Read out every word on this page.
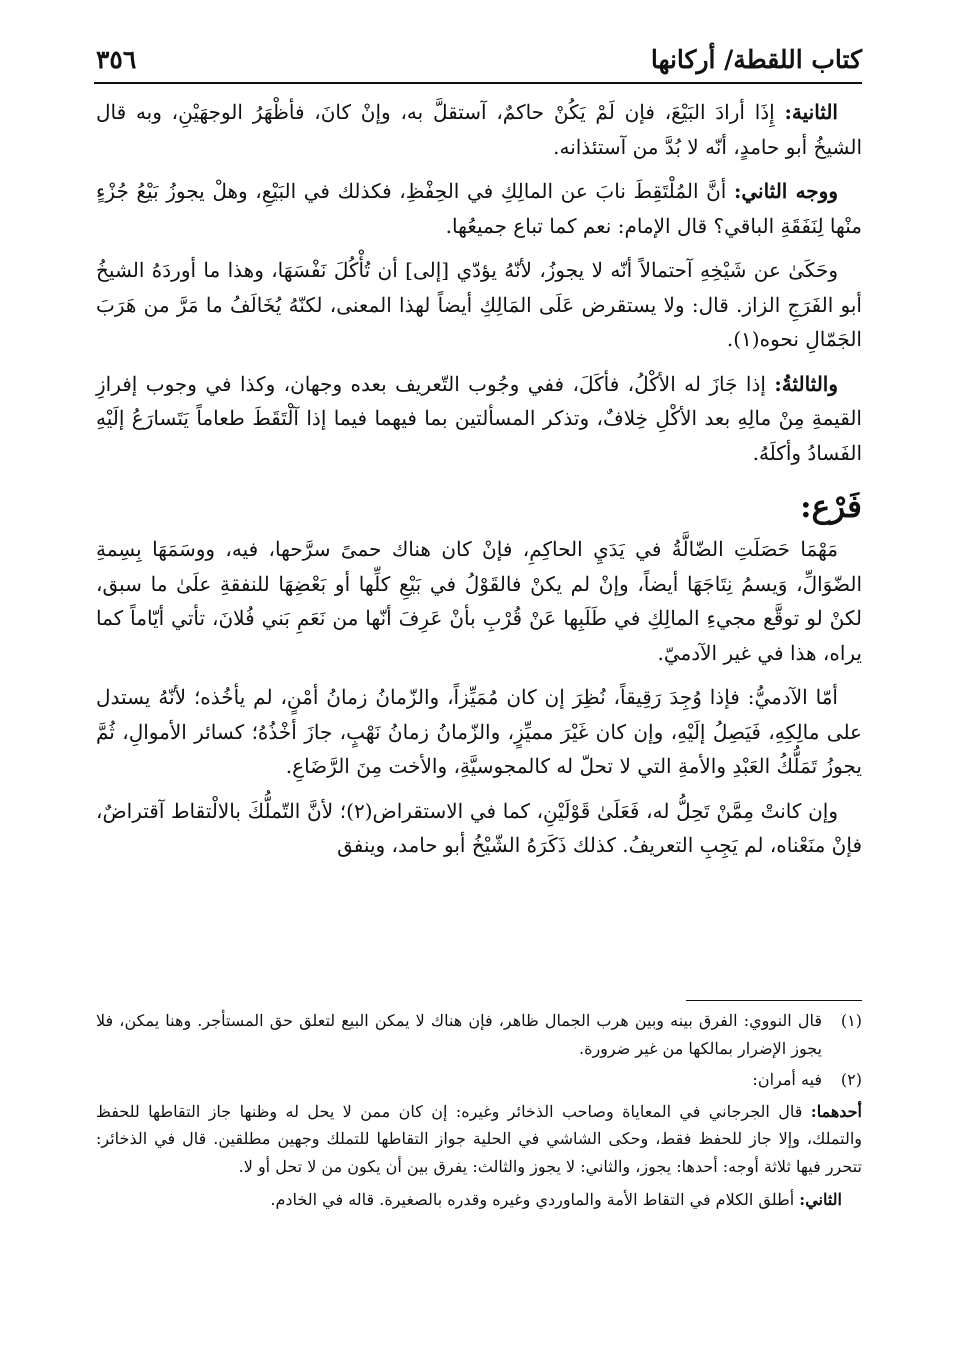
كتاب اللقطة/ أركانها
٣٥٦

الثانية: إِذَا أرادَ البَيْعَ، فإن لَمْ يَكُنْ حاكمٌ، آستقلَّ به، وإنْ كانَ، فأظْهَرُ الوجهَيْنِ، وبه قال الشيخُ أبو حامدٍ، أنّه لا بُدَّ من آستئذانه.

ووجه الثاني: أنَّ المُلْتَقِطَ نابَ عن المالِكِ في الحِفْظِ، فكذلك في البَيْعِ، وهلْ يجوزُ بَيْعُ جُزْءٍ منْها لِنَفَقَةِ الباقي؟ قال الإمام: نعم كما تباع جميعُها.

وحَكَىٰ عن شَيْخِهِ آحتمالاً أنّه لا يجوزُ، لأنّهُ يؤدّي [إلى] أن تُأْكُلَ نَفْسَهَا، وهذا ما أوردَهُ الشيخُ أبو الفَرَجِ الزاز. قال: ولا يستقرض عَلَى المَالِكِ أيضاً لهذا المعنى، لكنّهُ يُخَالَفُ ما مَرَّ من هَرَبَ الجَمّالِ نحوه(١).

والثالثةُ: إذا جَازَ له الأكْلُ، فأكَلَ، ففي وجُوب التّعريف بعده وجهان، وكذا في وجوب إفرازِ القيمةِ مِنْ مالِهِ بعد الأكْلِ خِلافٌ، وتذكر المسألتين بما فيهما فيما إذا آلْتَقَطَ طعاماً يَتَسارَعُ إلَيْهِ الفَسادُ وأكلَهُ.

فَرْع:

مَهْمَا حَصَلَتِ الضّالَّةُ في يَدَيِ الحاكِمِ، فإنْ كان هناك حمىً سرَّحها، فيه، ووسَمَهَا بِسِمةِ الضّوَالِّ، وَيسمُ نِتَاجَهَا أيضاً، وإنْ لم يكنْ فالقَوْلُ في بَيْعِ كلِّها أو بَعْضِهَا للنفقةِ علَىٰ ما سبق، لكنْ لو توقَّع مجيءِ المالِكِ في طَلَبِها عَنْ قُرْبِ بأنْ عَرِفَ أنّها من نَعَمِ بَني فُلانَ، تأتي أيّاماً كما يراه، هذا في غير الآدميّ.

أمّا الآدميُّ: فإذا وُجِدَ رَقِيقاً، نُظِرَ إن كان مُمَيِّزاً، والزّمانُ زمانُ أمْنٍ، لم يأخُذه؛ لأنّهُ يستدل على مالِكِهِ، فَيَصِلُ إلَيْهِ، وإن كان غَيْرَ مميِّزٍ، والزّمانُ زمانُ نَهْبٍ، جازَ أخْذُهُ؛ كسائر الأموالِ، ثُمَّ يجوزُ تَمَلُّكُ العَبْدِ والأمةِ التي لا تحلّ له كالمجوسيَّةِ، والأخت مِنَ الرَّضَاعِ.

وإن كانتْ مِمَّنْ تَحِلُّ له، فَعَلَىٰ قَوْلَيْنِ، كما في الاستقراض(٢)؛ لأنَّ التّملُّكَ بالالْتقاط آقتراضٌ، فإنْ منَعْناه، لم يَجِبِ التعريفُ. كذلك ذَكَرَهُ الشّيْخُ أبو حامد، وينفق

(١)
قال النووي: الفرق بينه وبين هرب الجمال ظاهر، فإن هناك لا يمكن البيع لتعلق حق المستأجر. وهنا يمكن، فلا يجوز الإضرار بمالكها من غير ضرورة.
(٢)
فيه أمران:
أحدهما: قال الجرجاني في المعاياة وصاحب الذخائر وغيره: إن كان ممن لا يحل له وظنها جاز التقاطها للحفظ والتملك، وإلا جاز للحفظ فقط، وحكى الشاشي في الحلية جواز التقاطها للتملك وجهين مطلقين. قال في الذخائر: تتحرر فيها ثلاثة أوجه: أحدها: يجوز، والثاني: لا يجوز والثالث: يفرق بين أن يكون من لا تحل أو لا.
الثاني: أطلق الكلام في التقاط الأمة والماوردي وغيره وقدره بالصغيرة. قاله في الخادم.
